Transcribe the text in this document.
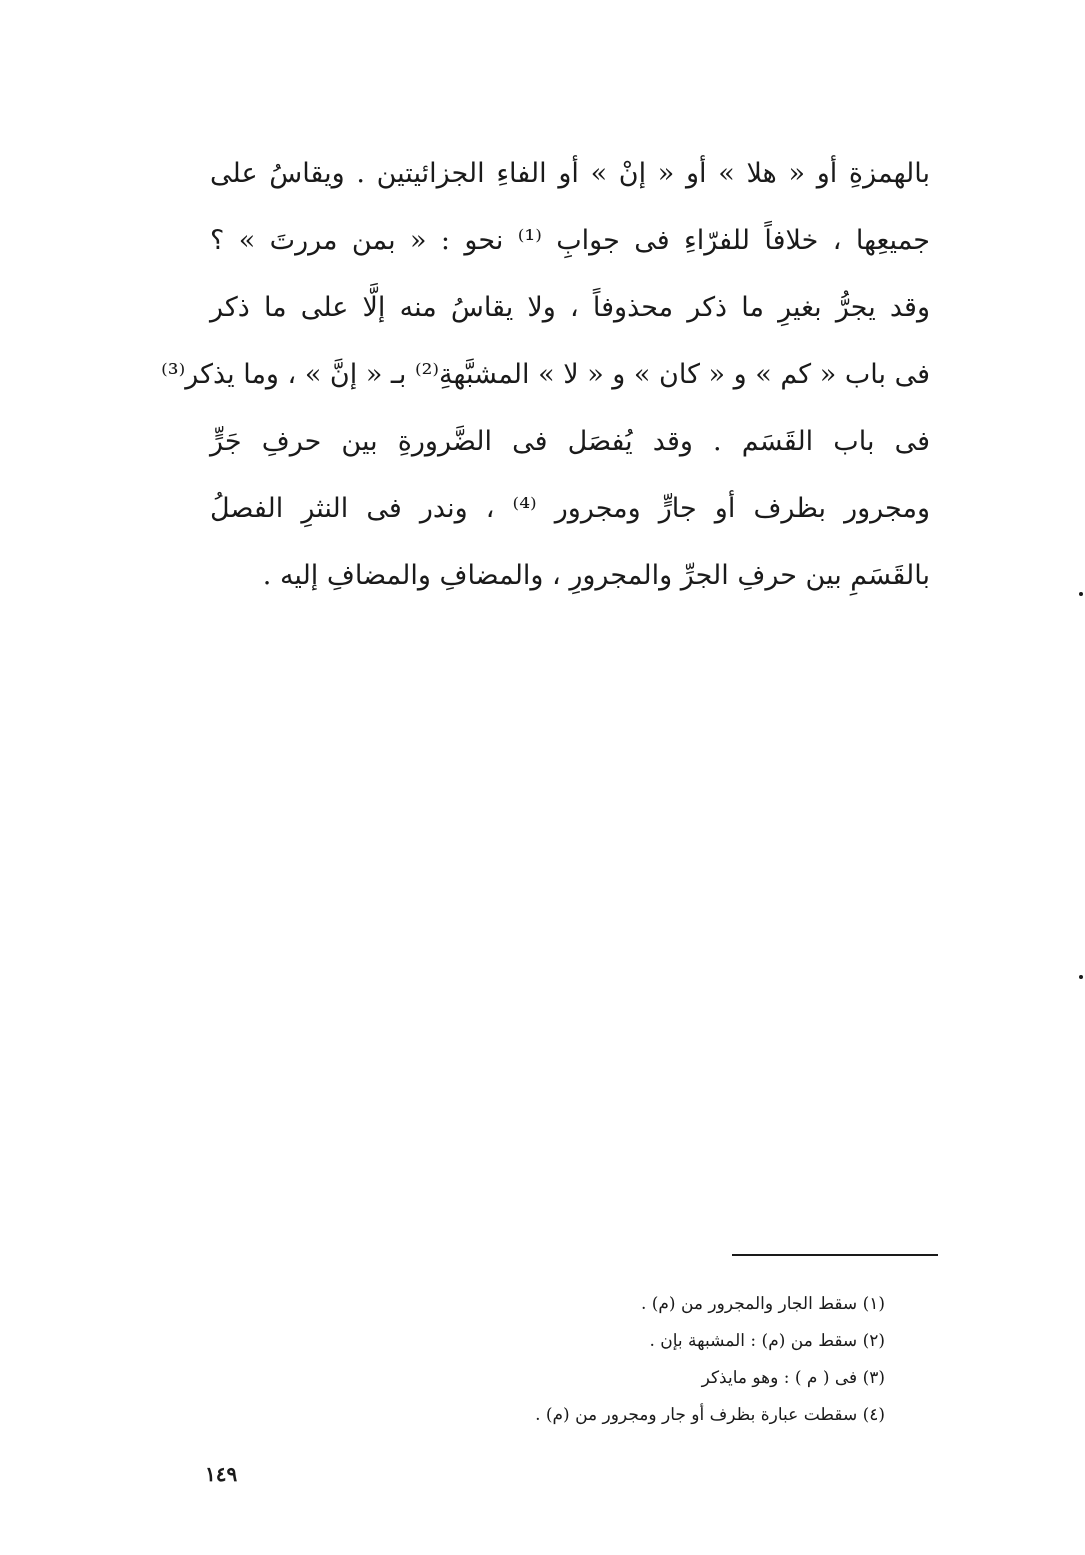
بالهمزةِ أو « هلا » أو « إنْ » أو الفاءِ الجزائيتين . ويقاسُ على
جميعِها ، خلافاً للفرّاءِ فى جوابِ ⁽¹⁾ نحو : « بمن مررتَ » ؟
وقد يجرُّ بغيرِ ما ذكر محذوفاً ، ولا يقاسُ منه إلَّا على ما ذكر
فى باب « كم » و « كان » و « لا » المشبَّهةِ⁽²⁾ بـ « إنَّ » ، وما يذكر⁽³⁾
فى باب القَسَم . وقد يُفصَل فى الضَّرورةِ بين حرفِ جَرٍّ
ومجرور بظرف أو جارٍّ ومجرور ⁽⁴⁾ ، وندر فى النثرِ الفصلُ
بالقَسَمِ بين حرفِ الجرِّ والمجرورِ ، والمضافِ والمضافِ إليه .
(١) سقط الجار والمجرور من (م) .
(٢) سقط من (م) : المشبهة بإن .
(٣) فى ( م ) : وهو مايذكر
(٤) سقطت عبارة بظرف أو جار ومجرور من (م) .
١٤٩
